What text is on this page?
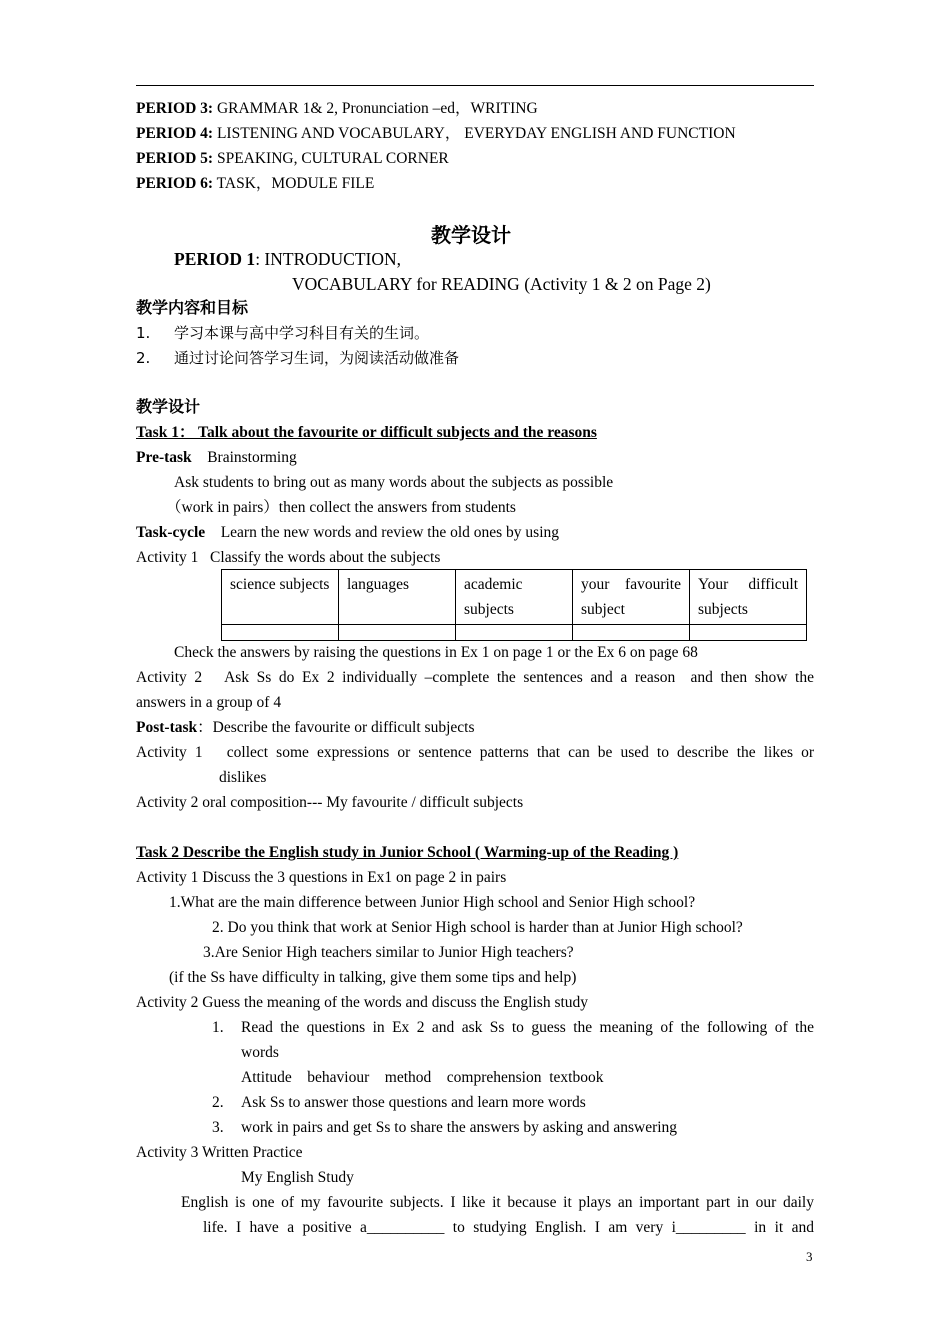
PERIOD 3: GRAMMAR 1& 2, Pronunciation –ed，WRITING
PERIOD 4: LISTENING AND VOCABULARY， EVERYDAY ENGLISH AND FUNCTION
PERIOD 5: SPEAKING, CULTURAL CORNER
PERIOD 6: TASK，MODULE FILE
教学设计
PERIOD 1: INTRODUCTION,
VOCABULARY for READING (Activity 1 & 2 on Page 2)
教学内容和目标
1. 学习本课与高中学习科目有关的生词。
2. 通过讨论问答学习生词，为阅读活动做准备
教学设计
Task 1： Talk about the favourite or difficult subjects and the reasons
Pre-task    Brainstorming
Ask students to bring out as many words about the subjects as possible
（work in pairs）then collect the answers from students
Task-cycle    Learn the new words and review the old ones by using
Activity 1   Classify the words about the subjects
science subjects	languages	academic subjects	your favourite subject	Your difficult subjects

Check the answers by raising the questions in Ex 1 on page 1 or the Ex 6 on page 68
Activity 2   Ask Ss do Ex 2 individually –complete the sentences and a reason  and then show the
answers in a group of 4
Post-task：Describe the favourite or difficult subjects
Activity 1   collect some expressions or sentence patterns that can be used to describe the likes or
dislikes
Activity 2 oral composition--- My favourite / difficult subjects
Task 2 Describe the English study in Junior School ( Warming-up of the Reading )
Activity 1 Discuss the 3 questions in Ex1 on page 2 in pairs
1.What are the main difference between Junior High school and Senior High school?
2. Do you think that work at Senior High school is harder than at Junior High school?
3.Are Senior High teachers similar to Junior High teachers?
(if the Ss have difficulty in talking, give them some tips and help)
Activity 2 Guess the meaning of the words and discuss the English study
1. Read the questions in Ex 2 and ask Ss to guess the meaning of the following of the
words
Attitude    behaviour    method    comprehension  textbook
2. Ask Ss to answer those questions and learn more words
3. work in pairs and get Ss to share the answers by asking and answering
Activity 3 Written Practice
My English Study
English is one of my favourite subjects. I like it because it plays an important part in our daily
life. I have a positive a__________ to studying English. I am very i_________ in it and
3
